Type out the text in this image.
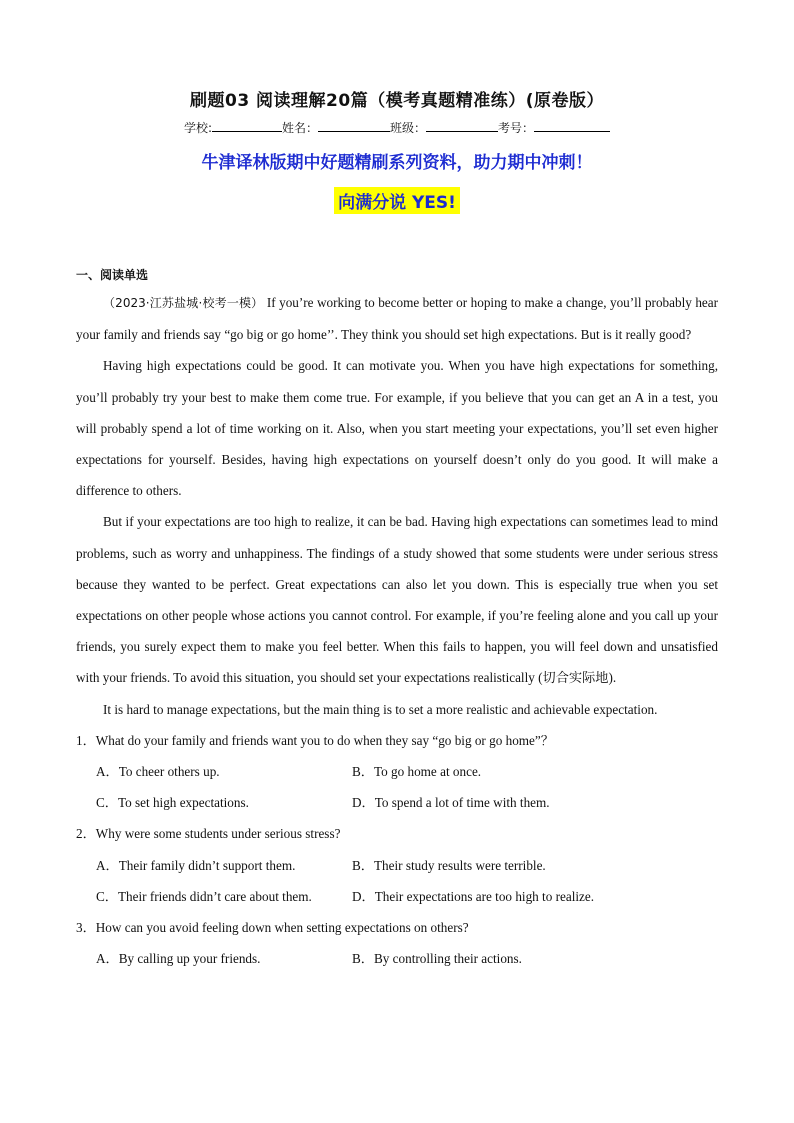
刷题03 阅读理解20篇（模考真题精准练）(原卷版）
学校:	姓名：	班级：	考号：
牛津译林版期中好题精刷系列资料，助力期中冲刺！
向满分说 YES!
一、阅读单选

（2023·江苏盐城·校考一模） If you’re working to become better or hoping to make a change, you’ll probably hear your family and friends say “go big or go home’’. They think you should set high expectations. But is it really good?

Having high expectations could be good. It can motivate you. When you have high expectations for something, you’ll probably try your best to make them come true. For example, if you believe that you can get an A in a test, you will probably spend a lot of time working on it. Also, when you start meeting your expectations, you’ll set even higher expectations for yourself. Besides, having high expectations on yourself doesn’t only do you good. It will make a difference to others.

But if your expectations are too high to realize, it can be bad. Having high expectations can sometimes lead to mind problems, such as worry and unhappiness. The findings of a study showed that some students were under serious stress because they wanted to be perfect. Great expectations can also let you down. This is especially true when you set expectations on other people whose actions you cannot control. For example, if you’re feeling alone and you call up your friends, you surely expect them to make you feel better. When this fails to happen, you will feel down and unsatisfied with your friends. To avoid this situation, you should set your expectations realistically (切合实际地).

It is hard to manage expectations, but the main thing is to set a more realistic and achievable expectation.

1．What do your family and friends want you to do when they say “go big or go home”？
A．To cheer others up.	B．To go home at once.
C．To set high expectations.	D．To spend a lot of time with them.
2．Why were some students under serious stress?
A．Their family didn’t support them.	B．Their study results were terrible.
C．Their friends didn’t care about them.	D．Their expectations are too high to realize.
3．How can you avoid feeling down when setting expectations on others?
A．By calling up your friends.	B．By controlling their actions.
